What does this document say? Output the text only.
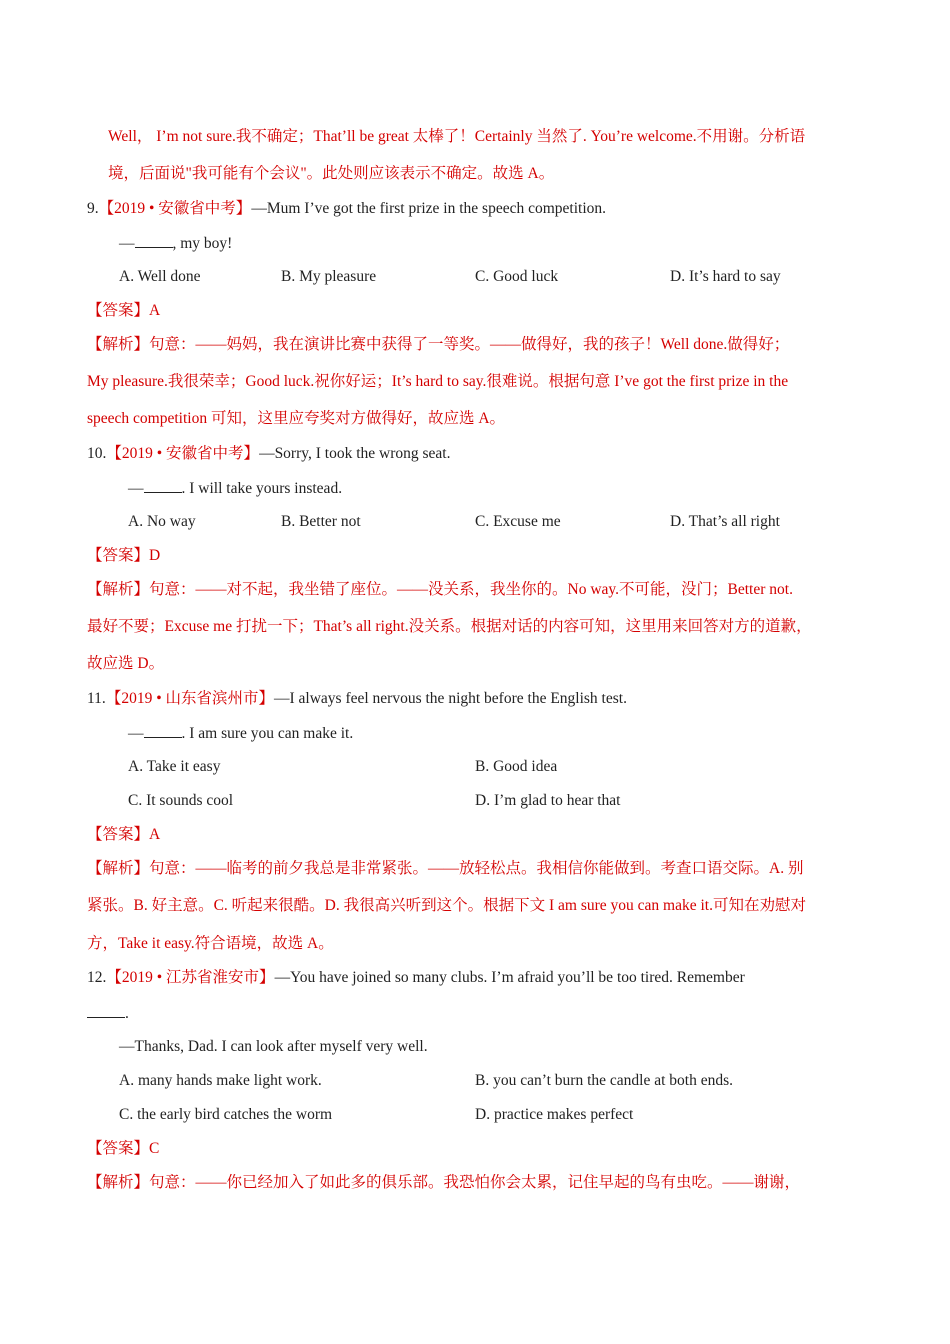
Well， I’m not sure.我不确定；That’ll be great 太棒了！Certainly 当然了. You’re welcome.不用谢。分析语
境，后面说"我可能有个会议"。此处则应该表示不确定。故选 A。
9.【2019 • 安徽省中考】—Mum I’ve got the first prize in the speech competition.
— , my boy!
A. Well done	B. My pleasure	C. Good luck	D. It’s hard to say
【答案】A
【解析】句意：——妈妈，我在演讲比赛中获得了一等奖。——做得好，我的孩子！Well done.做得好；
My pleasure.我很荣幸；Good luck.祝你好运；It’s hard to say.很难说。根据句意 I’ve got the first prize in the
speech competition 可知，这里应夸奖对方做得好，故应选 A。
10.【2019 • 安徽省中考】—Sorry, I took the wrong seat.
— . I will take yours instead.
A. No way	B. Better not	C. Excuse me	D. That’s all right
【答案】D
【解析】句意：——对不起，我坐错了座位。——没关系，我坐你的。No way.不可能，没门；Better not.
最好不要；Excuse me 打扰一下；That’s all right.没关系。根据对话的内容可知，这里用来回答对方的道歉，
故应选 D。
11.【2019 • 山东省滨州市】—I always feel nervous the night before the English test.
— . I am sure you can make it.
A. Take it easy	B. Good idea
C. It sounds cool	D. I’m glad to hear that
【答案】A
【解析】句意：——临考的前夕我总是非常紧张。——放轻松点。我相信你能做到。考查口语交际。A. 别
紧张。B. 好主意。C. 听起来很酷。D. 我很高兴听到这个。根据下文 I am sure you can make it.可知在劝慰对
方，Take it easy.符合语境，故选 A。
12.【2019 • 江苏省淮安市】—You have joined so many clubs. I’m afraid you’ll be too tired. Remember
.
—Thanks, Dad. I can look after myself very well.
A. many hands make light work.	B. you can’t burn the candle at both ends.
C. the early bird catches the worm	D. practice makes perfect
【答案】C
【解析】句意：——你已经加入了如此多的俱乐部。我恐怕你会太累，记住早起的鸟有虫吃。——谢谢，
